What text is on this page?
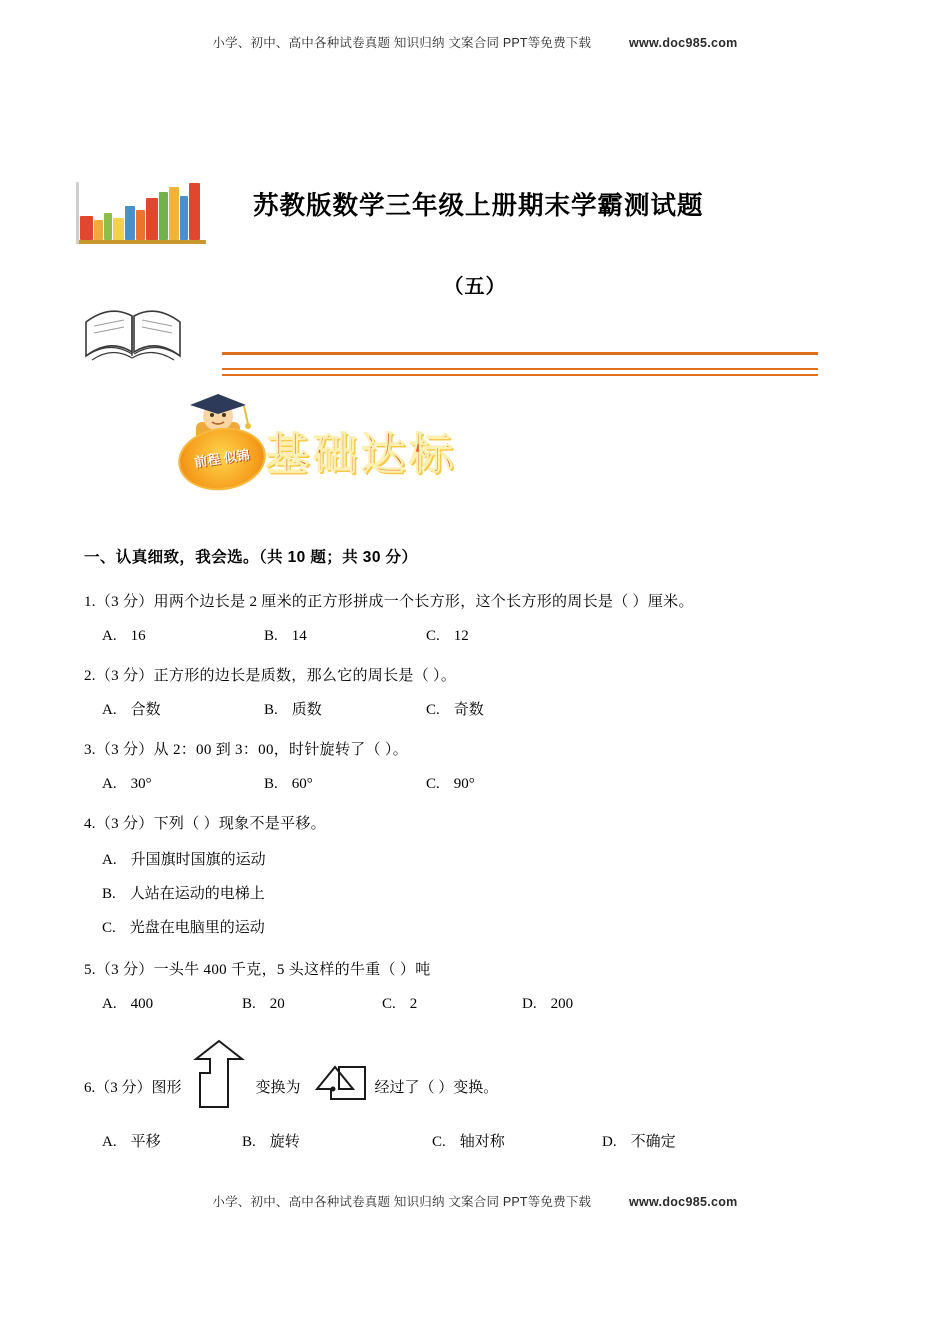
小学、初中、高中各种试卷真题 知识归纳 文案合同 PPT等免费下载	www.doc985.com
苏教版数学三年级上册期末学霸测试题
（五）
前程 似锦 基础达标
一、认真细致，我会选。（共 10 题；共 30 分）
1.（3 分）用两个边长是 2 厘米的正方形拼成一个长方形，这个长方形的周长是（ ）厘米。
A. 16	B. 14	C. 12
2.（3 分）正方形的边长是质数，那么它的周长是（ ）。
A. 合数	B. 质数	C. 奇数
3.（3 分）从 2：00 到 3：00，时针旋转了（ ）。
A. 30°	B. 60°	C. 90°
4.（3 分）下列（ ）现象不是平移。
A. 升国旗时国旗的运动
B. 人站在运动的电梯上
C. 光盘在电脑里的运动
5.（3 分）一头牛 400 千克，5 头这样的牛重（ ）吨
A. 400	B. 20	C. 2	D. 200
6.（3 分）图形	变换为	经过了（ ）变换。
A. 平移	B. 旋转	C. 轴对称	D. 不确定
小学、初中、高中各种试卷真题 知识归纳 文案合同 PPT等免费下载	www.doc985.com
